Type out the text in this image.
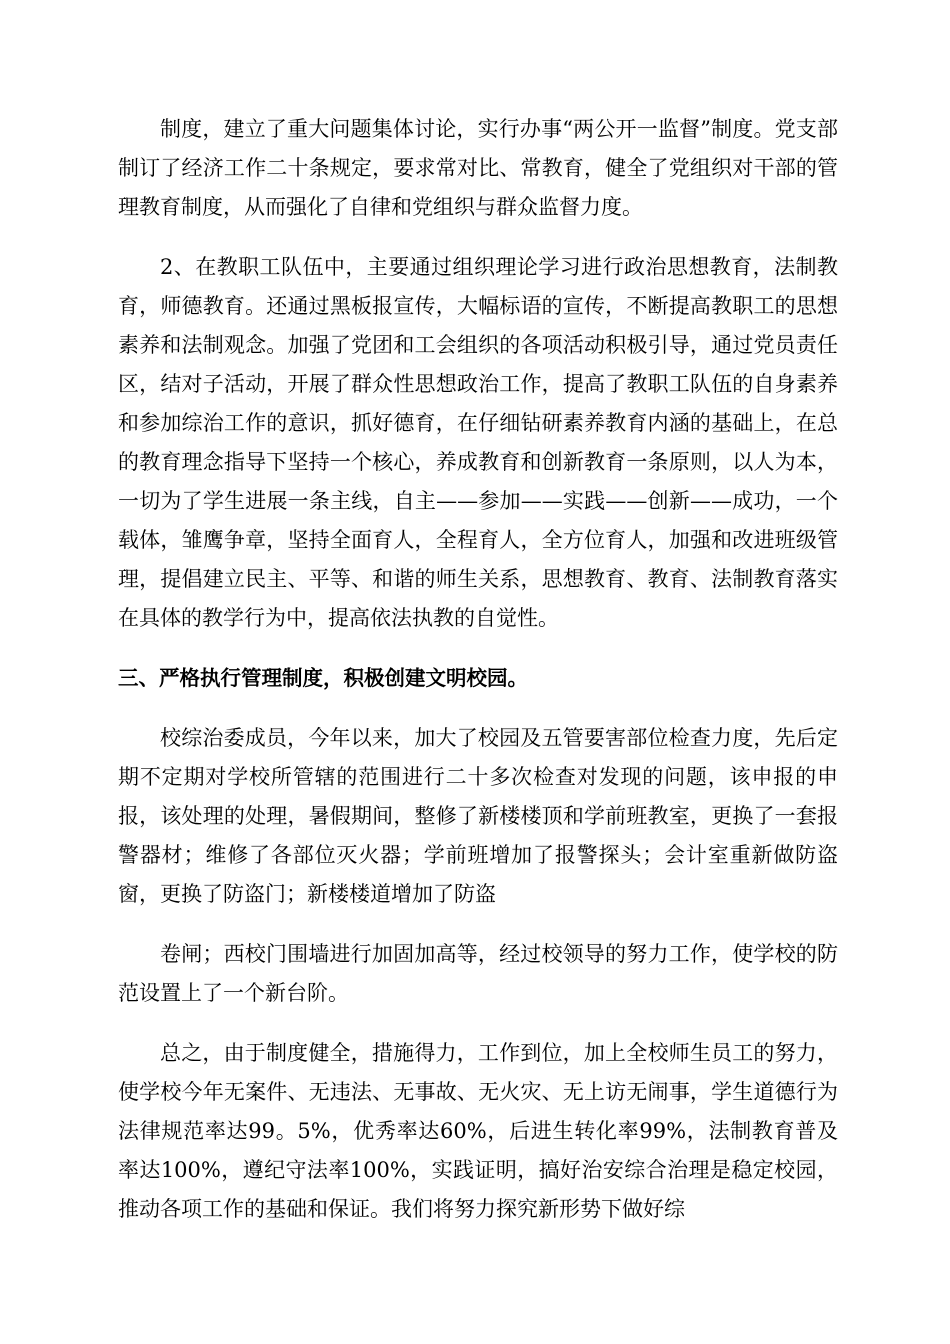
制度，建立了重大问题集体讨论，实行办事“两公开一监督”制度。党支部制订了经济工作二十条规定，要求常对比、常教育，健全了党组织对干部的管理教育制度，从而强化了自律和党组织与群众监督力度。

2、在教职工队伍中，主要通过组织理论学习进行政治思想教育，法制教育，师德教育。还通过黑板报宣传，大幅标语的宣传，不断提高教职工的思想素养和法制观念。加强了党团和工会组织的各项活动积极引导，通过党员责任区，结对子活动，开展了群众性思想政治工作，提高了教职工队伍的自身素养和参加综治工作的意识，抓好德育，在仔细钻研素养教育内涵的基础上，在总的教育理念指导下坚持一个核心，养成教育和创新教育一条原则，以人为本，一切为了学生进展一条主线，自主——参加——实践——创新——成功，一个载体，雏鹰争章，坚持全面育人，全程育人，全方位育人，加强和改进班级管理，提倡建立民主、平等、和谐的师生关系，思想教育、教育、法制教育落实在具体的教学行为中，提高依法执教的自觉性。

三、严格执行管理制度，积极创建文明校园。

校综治委成员，今年以来，加大了校园及五管要害部位检查力度，先后定期不定期对学校所管辖的范围进行二十多次检查对发现的问题，该申报的申报，该处理的处理，暑假期间，整修了新楼楼顶和学前班教室，更换了一套报警器材；维修了各部位灭火器；学前班增加了报警探头；会计室重新做防盗窗，更换了防盗门；新楼楼道增加了防盗

卷闸；西校门围墙进行加固加高等，经过校领导的努力工作，使学校的防范设置上了一个新台阶。

总之，由于制度健全，措施得力，工作到位，加上全校师生员工的努力，使学校今年无案件、无违法、无事故、无火灾、无上访无闹事，学生道德行为法律规范率达99。5%，优秀率达60%，后进生转化率99%，法制教育普及率达100%，遵纪守法率100%，实践证明，搞好治安综合治理是稳定校园，推动各项工作的基础和保证。我们将努力探究新形势下做好综
